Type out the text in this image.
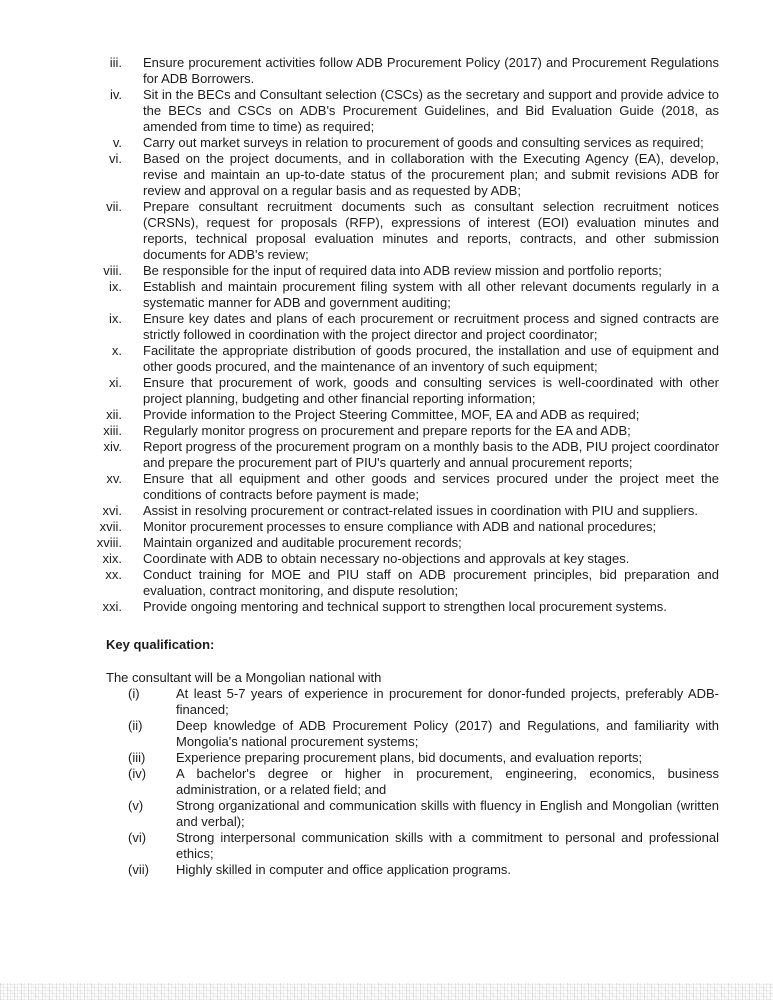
iii. Ensure procurement activities follow ADB Procurement Policy (2017) and Procurement Regulations for ADB Borrowers.
iv. Sit in the BECs and Consultant selection (CSCs) as the secretary and support and provide advice to the BECs and CSCs on ADB's Procurement Guidelines, and Bid Evaluation Guide (2018, as amended from time to time) as required;
v. Carry out market surveys in relation to procurement of goods and consulting services as required;
vi. Based on the project documents, and in collaboration with the Executing Agency (EA), develop, revise and maintain an up-to-date status of the procurement plan; and submit revisions ADB for review and approval on a regular basis and as requested by ADB;
vii. Prepare consultant recruitment documents such as consultant selection recruitment notices (CRSNs), request for proposals (RFP), expressions of interest (EOI) evaluation minutes and reports, technical proposal evaluation minutes and reports, contracts, and other submission documents for ADB's review;
viii. Be responsible for the input of required data into ADB review mission and portfolio reports;
ix. Establish and maintain procurement filing system with all other relevant documents regularly in a systematic manner for ADB and government auditing;
ix. Ensure key dates and plans of each procurement or recruitment process and signed contracts are strictly followed in coordination with the project director and project coordinator;
x. Facilitate the appropriate distribution of goods procured, the installation and use of equipment and other goods procured, and the maintenance of an inventory of such equipment;
xi. Ensure that procurement of work, goods and consulting services is well-coordinated with other project planning, budgeting and other financial reporting information;
xii. Provide information to the Project Steering Committee, MOF, EA and ADB as required;
xiii. Regularly monitor progress on procurement and prepare reports for the EA and ADB;
xiv. Report progress of the procurement program on a monthly basis to the ADB, PIU project coordinator and prepare the procurement part of PIU's quarterly and annual procurement reports;
xv. Ensure that all equipment and other goods and services procured under the project meet the conditions of contracts before payment is made;
xvi. Assist in resolving procurement or contract-related issues in coordination with PIU and suppliers.
xvii. Monitor procurement processes to ensure compliance with ADB and national procedures;
xviii. Maintain organized and auditable procurement records;
xix. Coordinate with ADB to obtain necessary no-objections and approvals at key stages.
xx. Conduct training for MOE and PIU staff on ADB procurement principles, bid preparation and evaluation, contract monitoring, and dispute resolution;
xxi. Provide ongoing mentoring and technical support to strengthen local procurement systems.
Key qualification:
The consultant will be a Mongolian national with
(i)	At least 5-7 years of experience in procurement for donor-funded projects, preferably ADB-financed;
(ii)	Deep knowledge of ADB Procurement Policy (2017) and Regulations, and familiarity with Mongolia's national procurement systems;
(iii)	Experience preparing procurement plans, bid documents, and evaluation reports;
(iv)	A bachelor's degree or higher in procurement, engineering, economics, business administration, or a related field; and
(v)	Strong organizational and communication skills with fluency in English and Mongolian (written and verbal);
(vi)	Strong interpersonal communication skills with a commitment to personal and professional ethics;
(vii)	Highly skilled in computer and office application programs.
